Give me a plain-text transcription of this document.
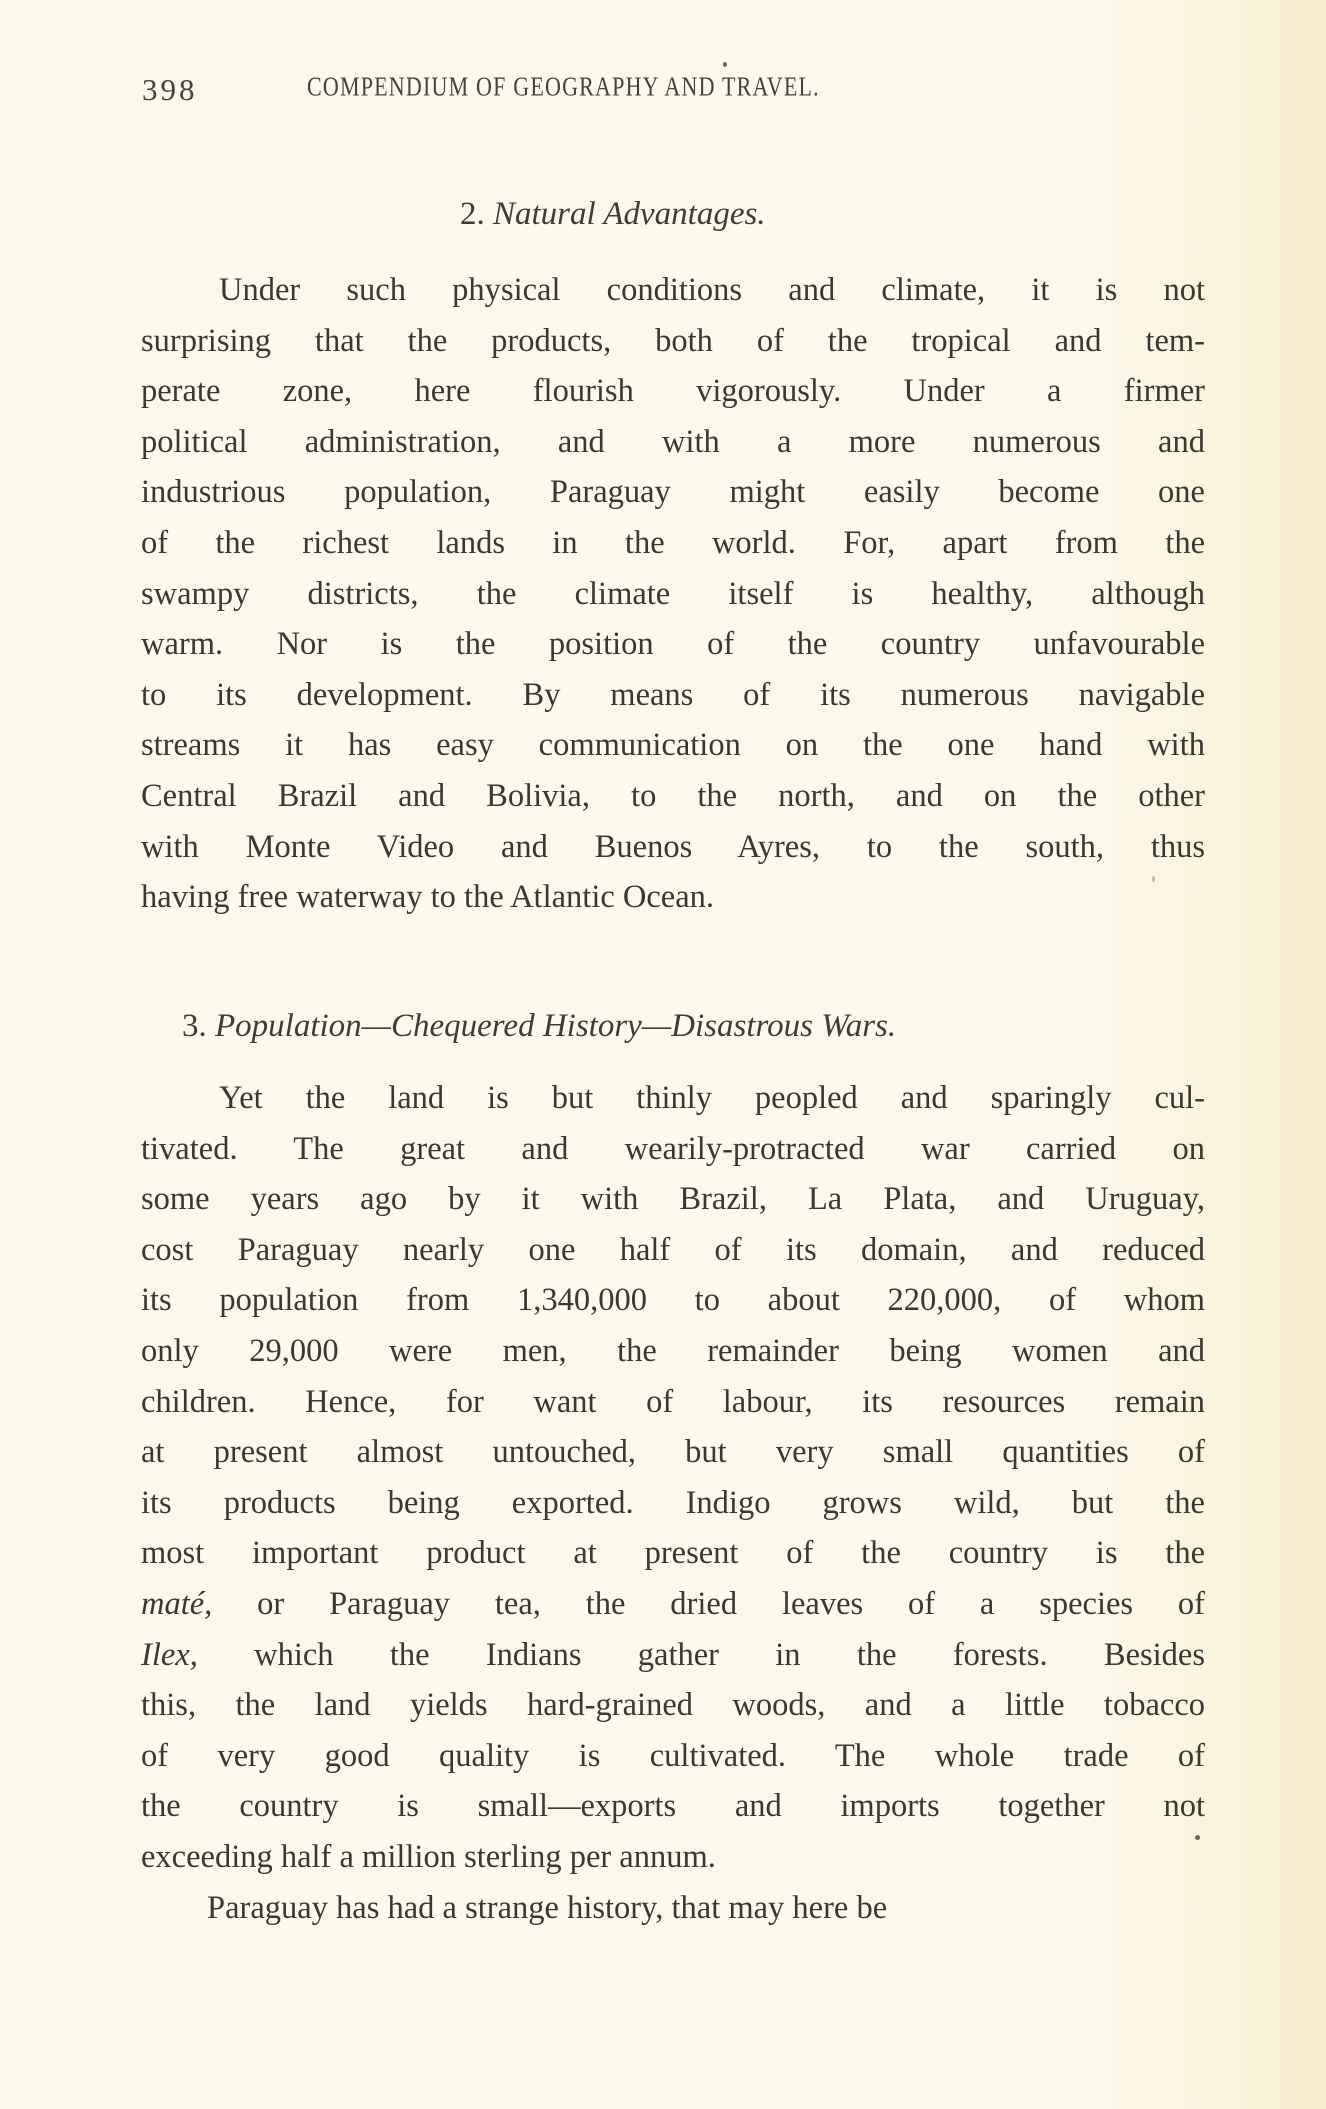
398	COMPENDIUM OF GEOGRAPHY AND TRAVEL.
2. Natural Advantages.
Under such physical conditions and climate, it is not
surprising that the products, both of the tropical and tem-
perate zone, here flourish vigorously. Under a firmer
political administration, and with a more numerous and
industrious population, Paraguay might easily become one
of the richest lands in the world. For, apart from the
swampy districts, the climate itself is healthy, although
warm. Nor is the position of the country unfavourable
to its development. By means of its numerous navigable
streams it has easy communication on the one hand with
Central Brazil and Bolivia, to the north, and on the other
with Monte Video and Buenos Ayres, to the south, thus
having free waterway to the Atlantic Ocean.
3. Population—Chequered History—Disastrous Wars.
Yet the land is but thinly peopled and sparingly cul-
tivated. The great and wearily-protracted war carried on
some years ago by it with Brazil, La Plata, and Uruguay,
cost Paraguay nearly one half of its domain, and reduced
its population from 1,340,000 to about 220,000, of whom
only 29,000 were men, the remainder being women and
children. Hence, for want of labour, its resources remain
at present almost untouched, but very small quantities of
its products being exported. Indigo grows wild, but the
most important product at present of the country is the
maté, or Paraguay tea, the dried leaves of a species of
Ilex, which the Indians gather in the forests. Besides
this, the land yields hard-grained woods, and a little tobacco
of very good quality is cultivated. The whole trade of
the country is small—exports and imports together not
exceeding half a million sterling per annum.
Paraguay has had a strange history, that may here be
